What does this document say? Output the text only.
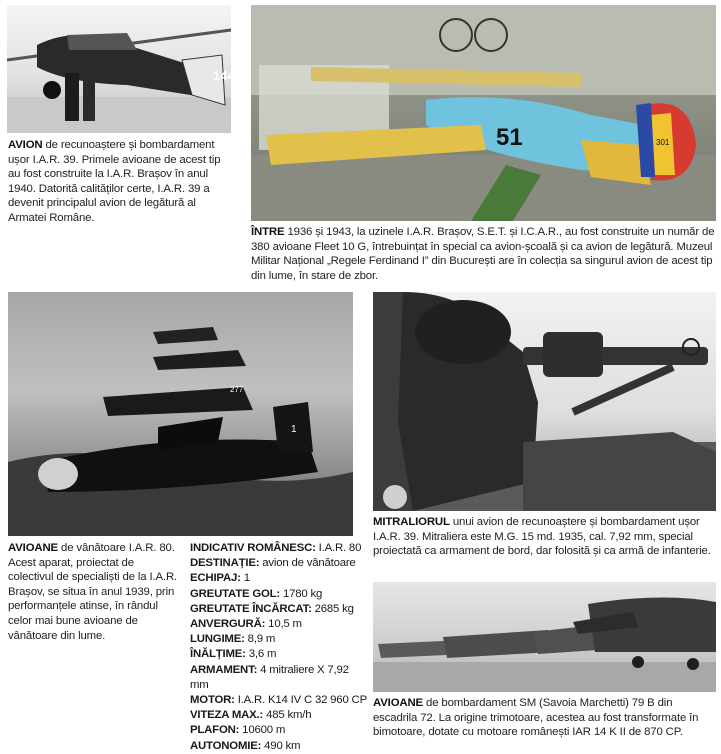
144
AVION de recunoaștere și bombardament ușor I.A.R. 39. Primele avioane de acest tip au fost construite la I.A.R. Brașov în anul 1940. Datorită calităților certe, I.A.R. 39 a devenit principalul avion de legătură al Armatei Române.
51	301
ÎNTRE 1936 și 1943, la uzinele I.A.R. Brașov, S.E.T. și I.C.A.R., au fost construite un număr de 380 avioane Fleet 10 G, întrebuințat în special ca avion-școală și ca avion de legătură. Muzeul Militar Național „Regele Ferdinand I” din București are în colecția sa singurul avion de acest tip din lume, în stare de zbor.
277
1
AVIOANE de vânătoare I.A.R. 80. Acest aparat, proiectat de colectivul de specialiști de la I.A.R. Brașov, se situa în anul 1939, prin performanțele atinse, în rândul celor mai bune avioane de vânătoare din lume.
INDICATIV ROMÂNESC: I.A.R. 80
DESTINAȚIE: avion de vânătoare
ECHIPAJ: 1
GREUTATE GOL: 1780 kg
GREUTATE ÎNCĂRCAT: 2685 kg
ANVERGURĂ: 10,5 m
LUNGIME: 8,9 m
ÎNĂLȚIME: 3,6 m
ARMAMENT: 4 mitraliere X 7,92
mm
MOTOR: I.A.R. K14 IV C 32 960 CP
VITEZA MAX.: 485 km/h
PLAFON: 10600 m
AUTONOMIE: 490 km
MITRALIORUL unui avion de recunoaștere și bombardament ușor I.A.R. 39. Mitraliera este M.G. 15 md. 1935, cal. 7,92 mm, special proiectată ca armament de bord, dar folosită și ca armă de infanterie.
AVIOANE de bombardament SM (Savoia Marchetti) 79 B din escadrila 72. La origine trimotoare, acestea au fost transformate în bimotoare, dotate cu motoare românești IAR 14 K II de 870 CP.
